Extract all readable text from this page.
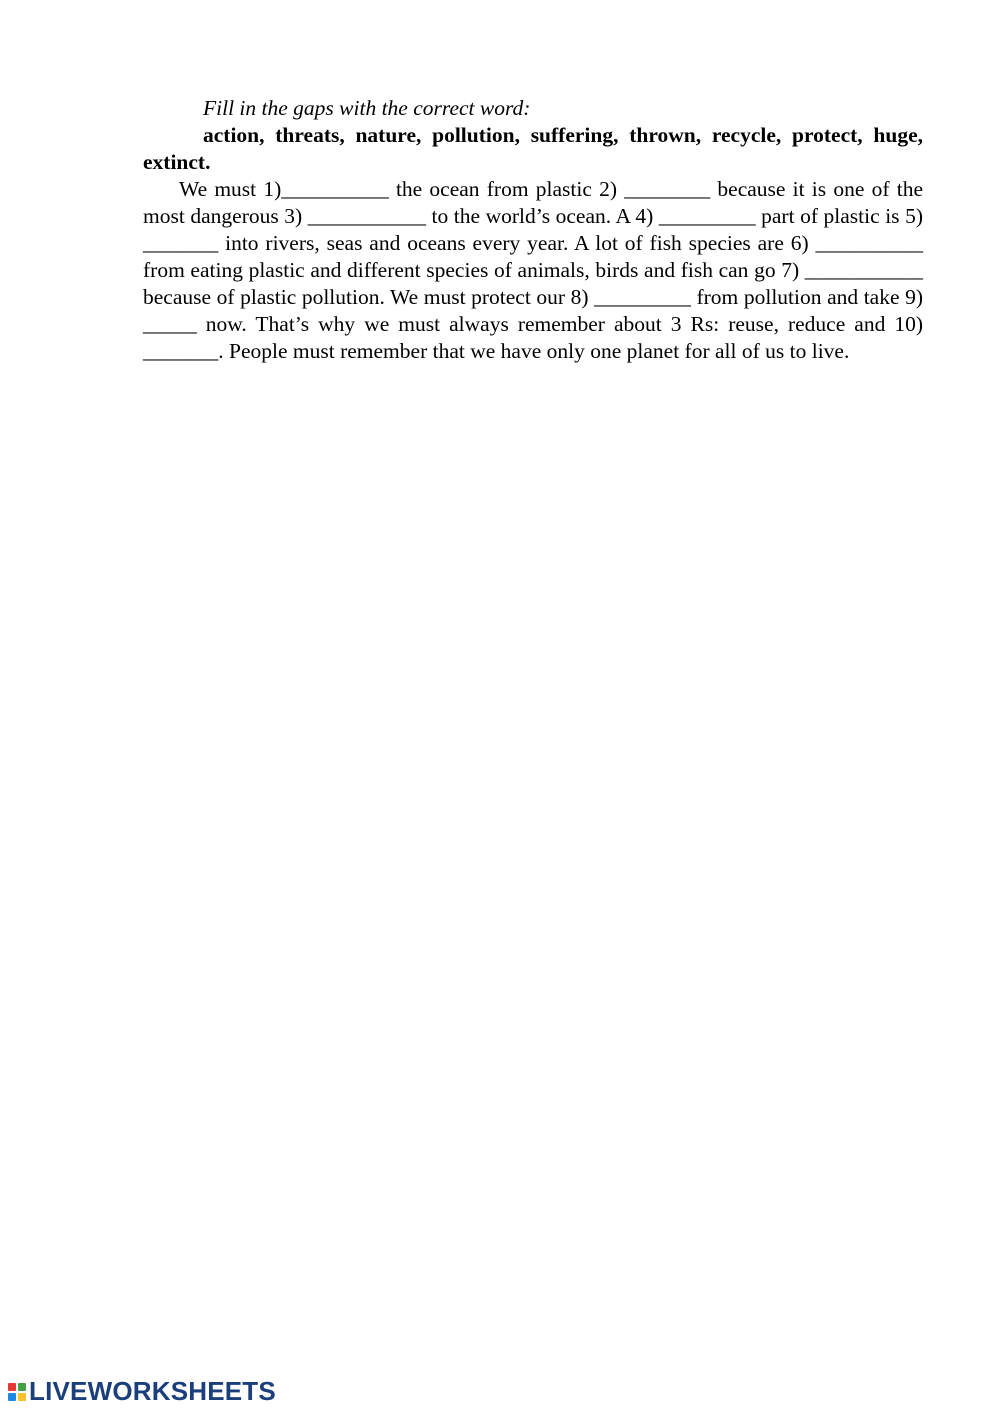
Fill in the gaps with the correct word:

action, threats, nature, pollution, suffering, thrown, recycle, protect, huge, extinct.

We must 1)__________ the ocean from plastic 2) ________ because it is one of the most dangerous 3) ___________ to the world’s ocean. A 4) _________ part of plastic is 5) _______ into rivers, seas and oceans every year. A lot of fish species are 6) __________ from eating plastic and different species of animals, birds and fish can go 7) ___________ because of plastic pollution. We must protect our 8) _________ from pollution and take 9) _____ now. That’s why we must always remember about 3 Rs: reuse, reduce and 10) _______. People must remember that we have only one planet for all of us to live.

LIVEWORKSHEETS
